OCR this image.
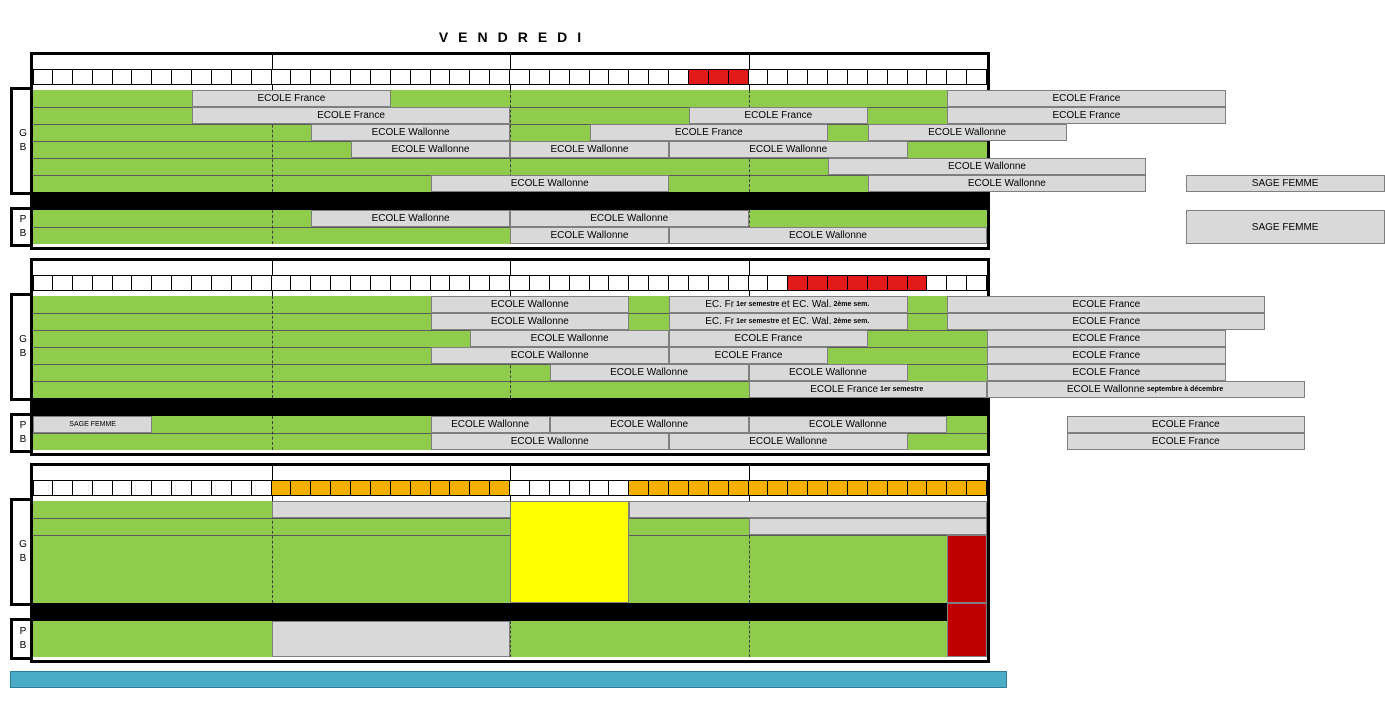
VENDREDI
G
B
P
B
ECOLE France	ECOLE France
ECOLE France	ECOLE France	ECOLE France
ECOLE Wallonne	ECOLE France	ECOLE Wallonne
ECOLE Wallonne	ECOLE Wallonne	ECOLE Wallonne
ECOLE Wallonne
ECOLE Wallonne	ECOLE Wallonne	SAGE FEMME
ECOLE Wallonne	ECOLE Wallonne
SAGE FEMME
ECOLE Wallonne	ECOLE Wallonne
G
B
P
B
ECOLE Wallonne	EC. Fr 1er semestre et EC. Wal. 2ème sem.	ECOLE France
ECOLE Wallonne	EC. Fr 1er semestre et EC. Wal. 2ème sem.	ECOLE France
ECOLE Wallonne	ECOLE France	ECOLE France
ECOLE Wallonne	ECOLE France	ECOLE France
ECOLE Wallonne	ECOLE Wallonne	ECOLE France
ECOLE France 1er semestre	ECOLE Wallonne septembre à décembre
SAGE FEMME	ECOLE Wallonne	ECOLE Wallonne	ECOLE Wallonne	ECOLE France
ECOLE Wallonne	ECOLE Wallonne	ECOLE France
G
B
P
B
